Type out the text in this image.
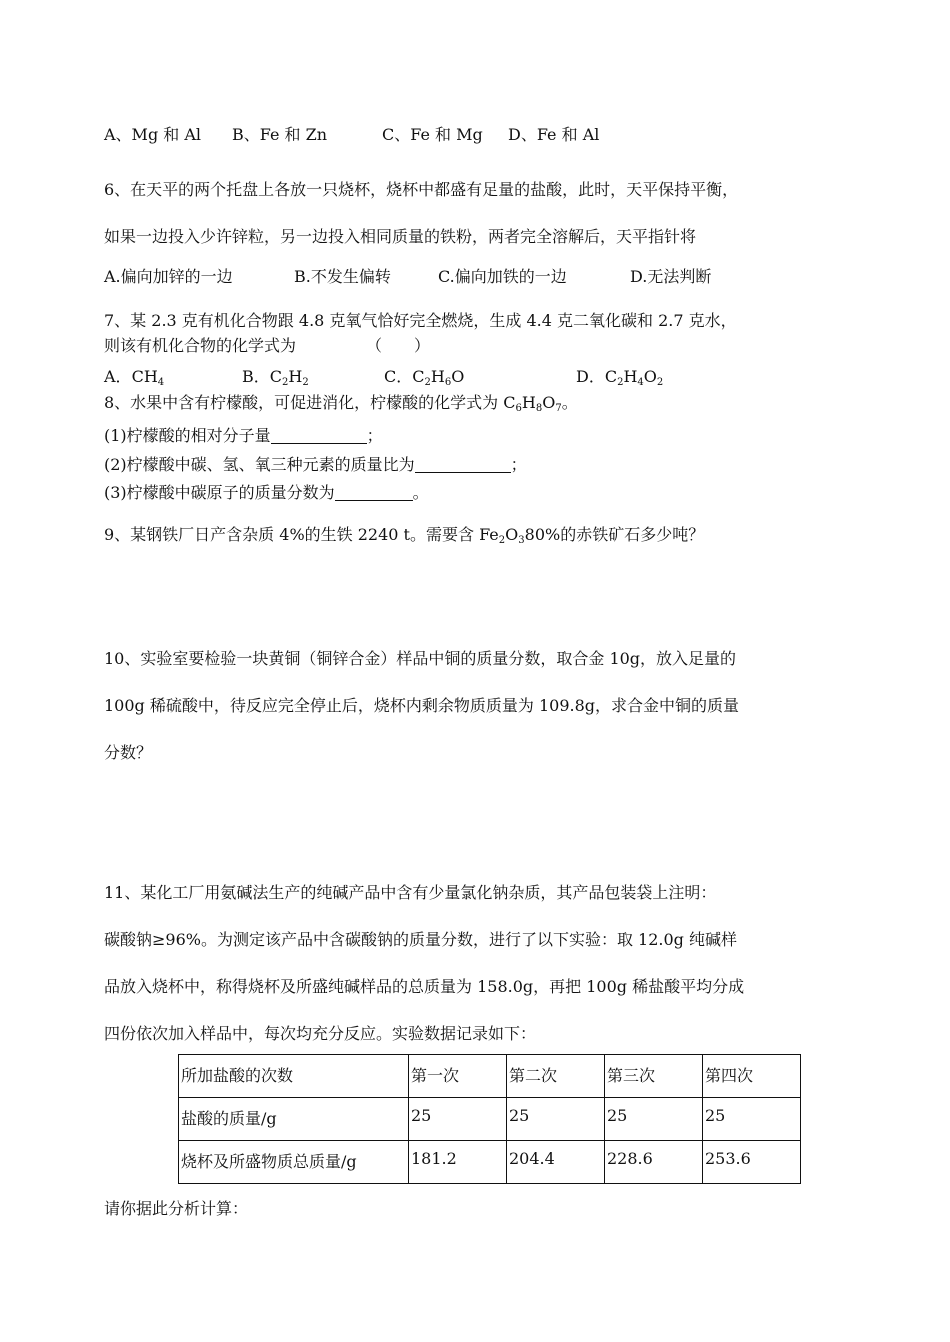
A、Mg 和 Al B、Fe 和 Zn	C、Fe 和 Mg D、Fe 和 Al
6、在天平的两个托盘上各放一只烧杯，烧杯中都盛有足量的盐酸，此时，天平保持平衡，
如果一边投入少许锌粒，另一边投入相同质量的铁粉，两者完全溶解后，天平指针将
A.偏向加锌的一边	B.不发生偏转	C.偏向加铁的一边	D.无法判断
7、某 2.3 克有机化合物跟 4.8 克氧气恰好完全燃烧，生成 4.4 克二氧化碳和 2.7 克水，
则该有机化合物的化学式为	（　　）
A．$CH_4$	B．$C_2H_2$	C．$C_2H_6O$	D．$C_2H_4O_2$
8、水果中含有柠檬酸，可促进消化，柠檬酸的化学式为 $C_6H_8O_7$。
(1)柠檬酸的相对分子量	；
(2)柠檬酸中碳、氢、氧三种元素的质量比为	；
(3)柠檬酸中碳原子的质量分数为	。
9、某钢铁厂日产含杂质 4%的生铁 2240 t。需要含 $Fe_2O_380\%$的赤铁矿石多少吨？
10、实验室要检验一块黄铜（铜锌合金）样品中铜的质量分数，取合金 10g，放入足量的
100g 稀硫酸中，待反应完全停止后，烧杯内剩余物质质量为 109.8g，求合金中铜的质量
分数？
11、某化工厂用氨碱法生产的纯碱产品中含有少量氯化钠杂质，其产品包装袋上注明：
碳酸钠≥96%。为测定该产品中含碳酸钠的质量分数，进行了以下实验：取 12.0g 纯碱样
品放入烧杯中，称得烧杯及所盛纯碱样品的总质量为 158.0g，再把 100g 稀盐酸平均分成
四份依次加入样品中，每次均充分反应。实验数据记录如下：
所加盐酸的次数	第一次	第二次	第三次	第四次
盐酸的质量/g	25	25	25	25
烧杯及所盛物质总质量/g	181.2	204.4	228.6	253.6
请你据此分析计算：
